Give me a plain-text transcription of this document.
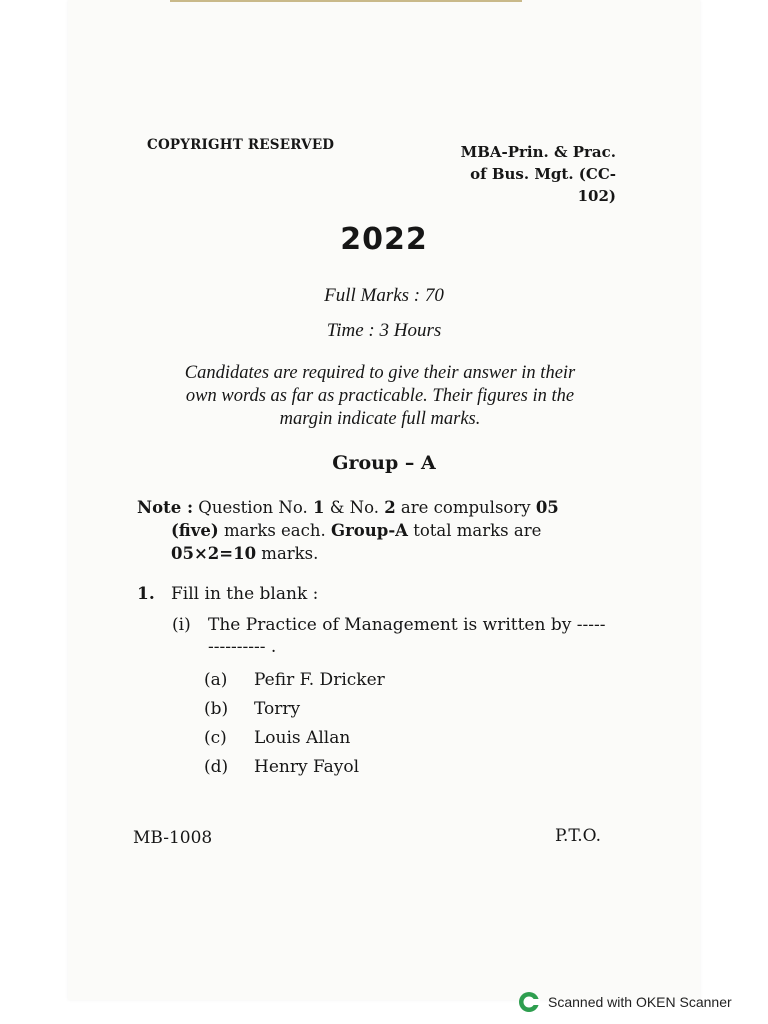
COPYRIGHT RESERVED	MBA-Prin. & Prac.
of Bus. Mgt. (CC-
102)
2022
Full Marks : 70
Time : 3 Hours
Candidates are required to give their answer in their
own words as far as practicable. Their figures in the
margin indicate full marks.
Group – A
Note : Question No. 1 & No. 2 are compulsory 05
(five) marks each. Group-A total marks are
05×2=10 marks.
1. Fill in the blank :
(i) The Practice of Management is written by --------------- .
(a)	Pefir F. Dricker
(b)	Torry
(c)	Louis Allan
(d)	Henry Fayol
MB-1008	P.T.O.
Scanned with OKEN Scanner
